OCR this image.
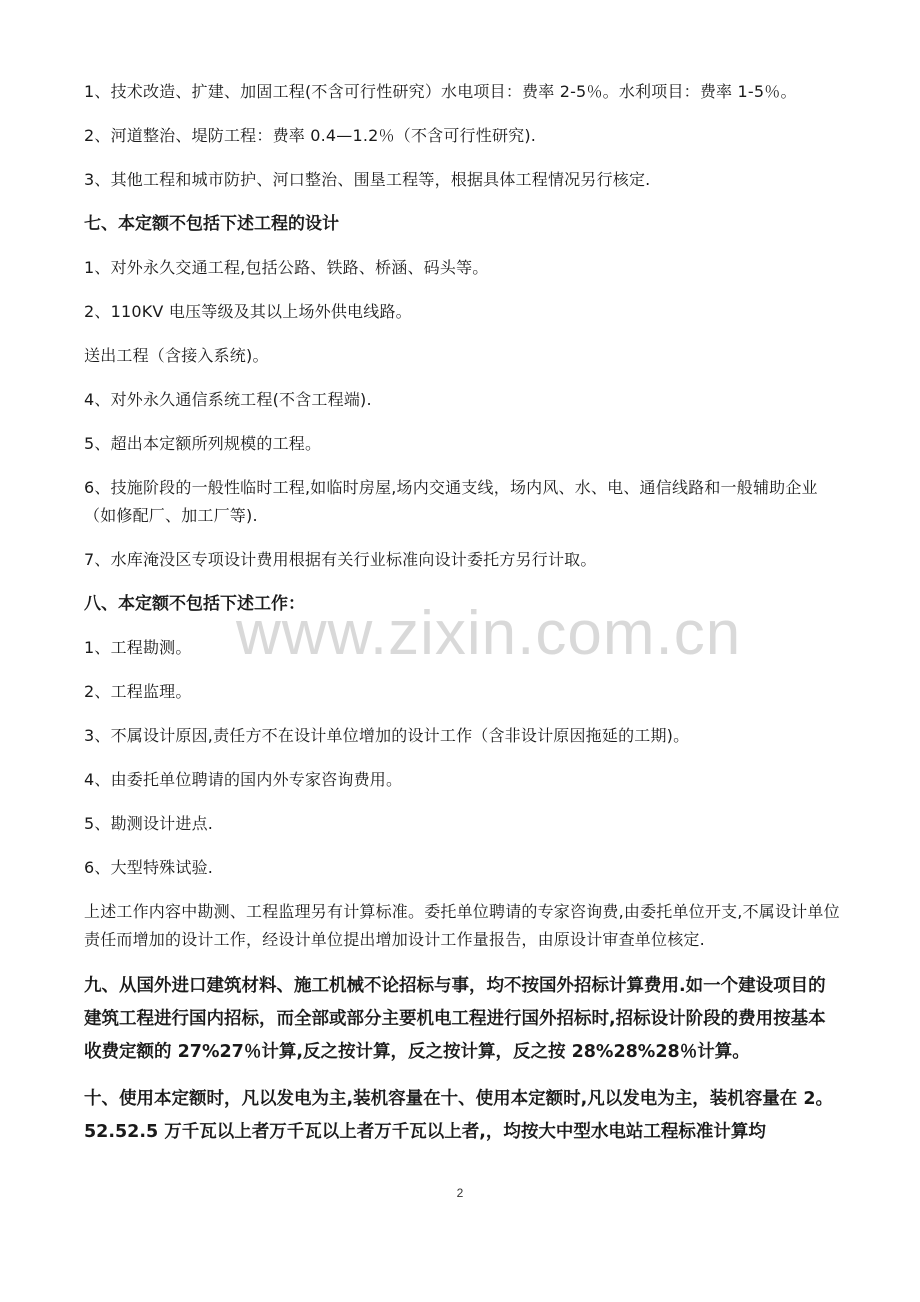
1、技术改造、扩建、加固工程(不含可行性研究）水电项目：费率 2-5％。水利项目：费率 1-5％。

2、河道整治、堤防工程：费率 0.4—1.2％（不含可行性研究).

3、其他工程和城市防护、河口整治、围垦工程等，根据具体工程情况另行核定.

七、本定额不包括下述工程的设计

1、对外永久交通工程,包括公路、铁路、桥涵、码头等。

2、110KV 电压等级及其以上场外供电线路。

送出工程（含接入系统)。

4、对外永久通信系统工程(不含工程端).

5、超出本定额所列规模的工程。

6、技施阶段的一般性临时工程,如临时房屋,场内交通支线，场内风、水、电、通信线路和一般辅助企业（如修配厂、加工厂等).

7、水库淹没区专项设计费用根据有关行业标准向设计委托方另行计取。

八、本定额不包括下述工作：

1、工程勘测。

2、工程监理。

3、不属设计原因,责任方不在设计单位增加的设计工作（含非设计原因拖延的工期)。

4、由委托单位聘请的国内外专家咨询费用。

5、勘测设计进点.

6、大型特殊试验.

上述工作内容中勘测、工程监理另有计算标准。委托单位聘请的专家咨询费,由委托单位开支,不属设计单位责任而增加的设计工作，经设计单位提出增加设计工作量报告，由原设计审查单位核定.

九、从国外进口建筑材料、施工机械不论招标与事，均不按国外招标计算费用.如一个建设项目的建筑工程进行国内招标，而全部或部分主要机电工程进行国外招标时,招标设计阶段的费用按基本收费定额的 27%27％计算,反之按计算，反之按计算，反之按 28%28%28％计算。

十、使用本定额时，凡以发电为主,装机容量在十、使用本定额时,凡以发电为主，装机容量在 2。52.52.5 万千瓦以上者万千瓦以上者万千瓦以上者,，均按大中型水电站工程标准计算均

www.zixin.com.cn
2
